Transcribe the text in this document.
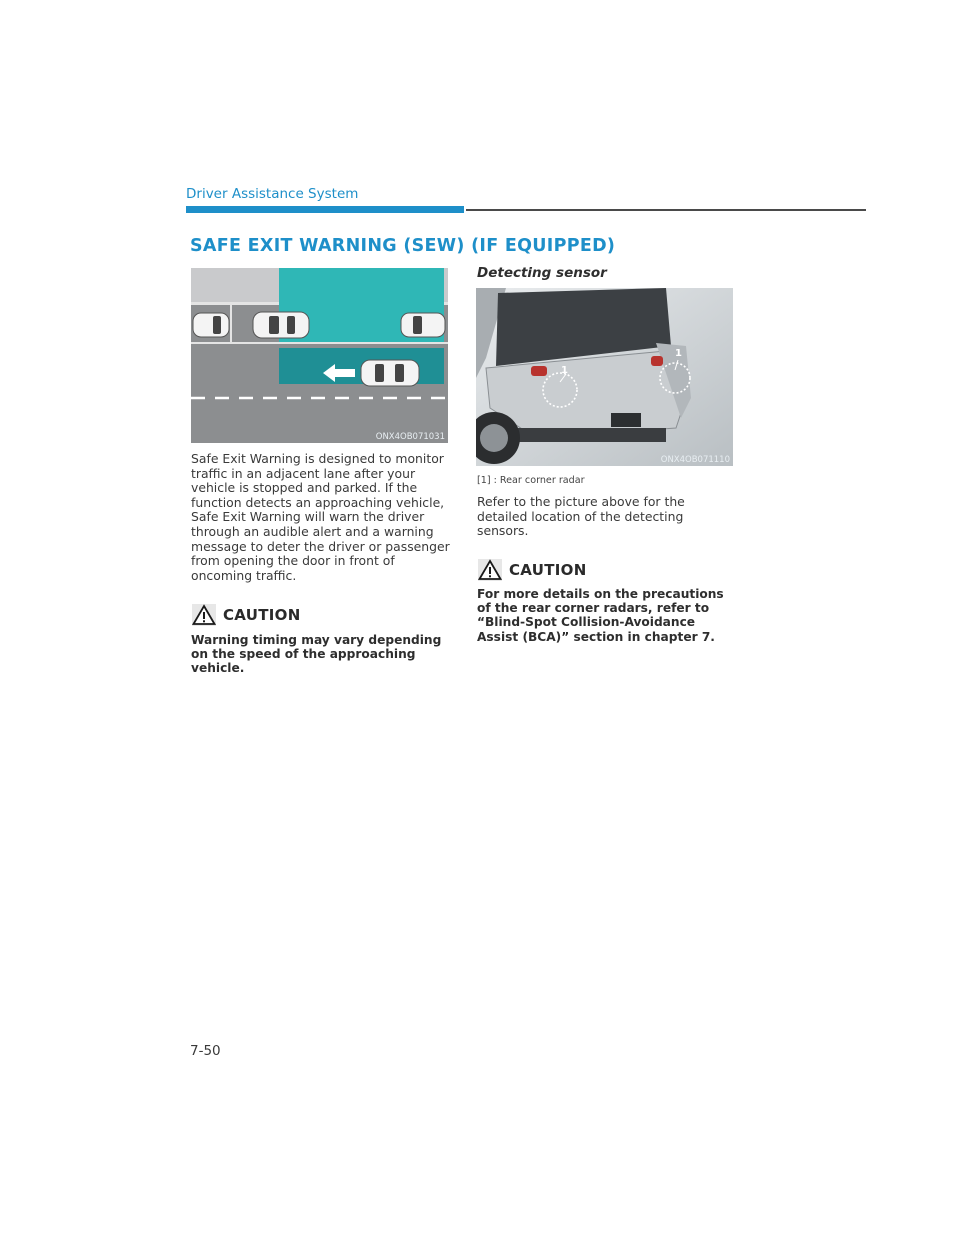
Driver Assistance System
SAFE EXIT WARNING (SEW) (IF EQUIPPED)
ONX4OB071031
Safe Exit Warning is designed to monitor traffic in an adjacent lane after your vehicle is stopped and parked. If the function detects an approaching vehicle, Safe Exit Warning will warn the driver through an audible alert and a warning message to deter the driver or passenger from opening the door in front of oncoming traffic.
CAUTION
Warning timing may vary depending on the speed of the approaching vehicle.
Detecting sensor
1
1
ONX4OB071110
[1] : Rear corner radar
Refer to the picture above for the detailed location of the detecting sensors.
CAUTION
For more details on the precautions of the rear corner radars, refer to “Blind-Spot Collision-Avoidance Assist (BCA)” section in chapter 7.
7-50
